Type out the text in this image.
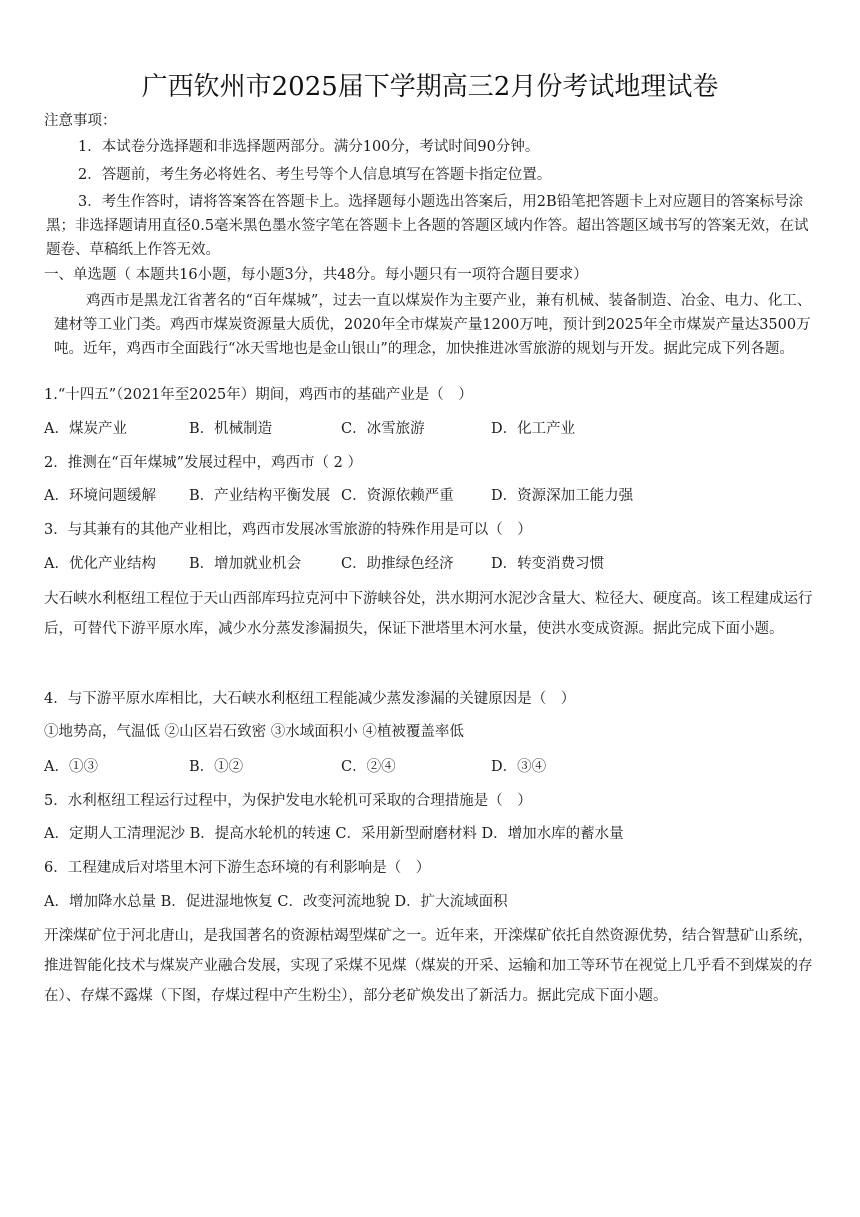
广西钦州市2025届下学期高三2月份考试地理试卷
注意事项：
1．本试卷分选择题和非选择题两部分。满分100分，考试时间90分钟。
2．答题前，考生务必将姓名、考生号等个人信息填写在答题卡指定位置。
3．考生作答时，请将答案答在答题卡上。选择题每小题选出答案后，用2B铅笔把答题卡上对应题目的答案标号涂黑；非选择题请用直径0.5毫米黑色墨水签字笔在答题卡上各题的答题区域内作答。超出答题区域书写的答案无效，在试题卷、草稿纸上作答无效。
一、单选题（ 本题共16小题，每小题3分，共48分。每小题只有一项符合题目要求）
鸡西市是黑龙江省著名的“百年煤城”，过去一直以煤炭作为主要产业，兼有机械、装备制造、冶金、电力、化工、建材等工业门类。鸡西市煤炭资源量大质优，2020年全市煤炭产量1200万吨，预计到2025年全市煤炭产量达3500万吨。近年，鸡西市全面践行“冰天雪地也是金山银山”的理念，加快推进冰雪旅游的规划与开发。据此完成下列各题。
1.“十四五”（2021年至2025年）期间，鸡西市的基础产业是（　）
A．煤炭产业	B．机械制造	C．冰雪旅游	D．化工产业
2．推测在“百年煤城”发展过程中，鸡西市（ 2 ）
A．环境问题缓解 B．产业结构平衡发展 C．资源依赖严重	D．资源深加工能力强
3．与其兼有的其他产业相比，鸡西市发展冰雪旅游的特殊作用是可以（　）
A．优化产业结构 B．增加就业机会	C．助推绿色经济	D．转变消费习惯
大石峡水利枢纽工程位于天山西部库玛拉克河中下游峡谷处，洪水期河水泥沙含量大、粒径大、硬度高。该工程建成运行后，可替代下游平原水库，减少水分蒸发渗漏损失，保证下泄塔里木河水量，使洪水变成资源。据此完成下面小题。
4．与下游平原水库相比，大石峡水利枢纽工程能减少蒸发渗漏的关键原因是（　）
①地势高，气温低 ②山区岩石致密 ③水域面积小 ④植被覆盖率低
A．①③	B．①②	C．②④	D．③④
5．水利枢纽工程运行过程中，为保护发电水轮机可采取的合理措施是（　）
A．定期人工清理泥沙 B．提高水轮机的转速 C．采用新型耐磨材料 D．增加水库的蓄水量
6．工程建成后对塔里木河下游生态环境的有利影响是（　）
A．增加降水总量 B．促进湿地恢复 C．改变河流地貌 D．扩大流域面积
开滦煤矿位于河北唐山，是我国著名的资源枯竭型煤矿之一。近年来，开滦煤矿依托自然资源优势，结合智慧矿山系统，推进智能化技术与煤炭产业融合发展，实现了采煤不见煤（煤炭的开采、运输和加工等环节在视觉上几乎看不到煤炭的存在）、存煤不露煤（下图，存煤过程中产生粉尘），部分老矿焕发出了新活力。据此完成下面小题。
